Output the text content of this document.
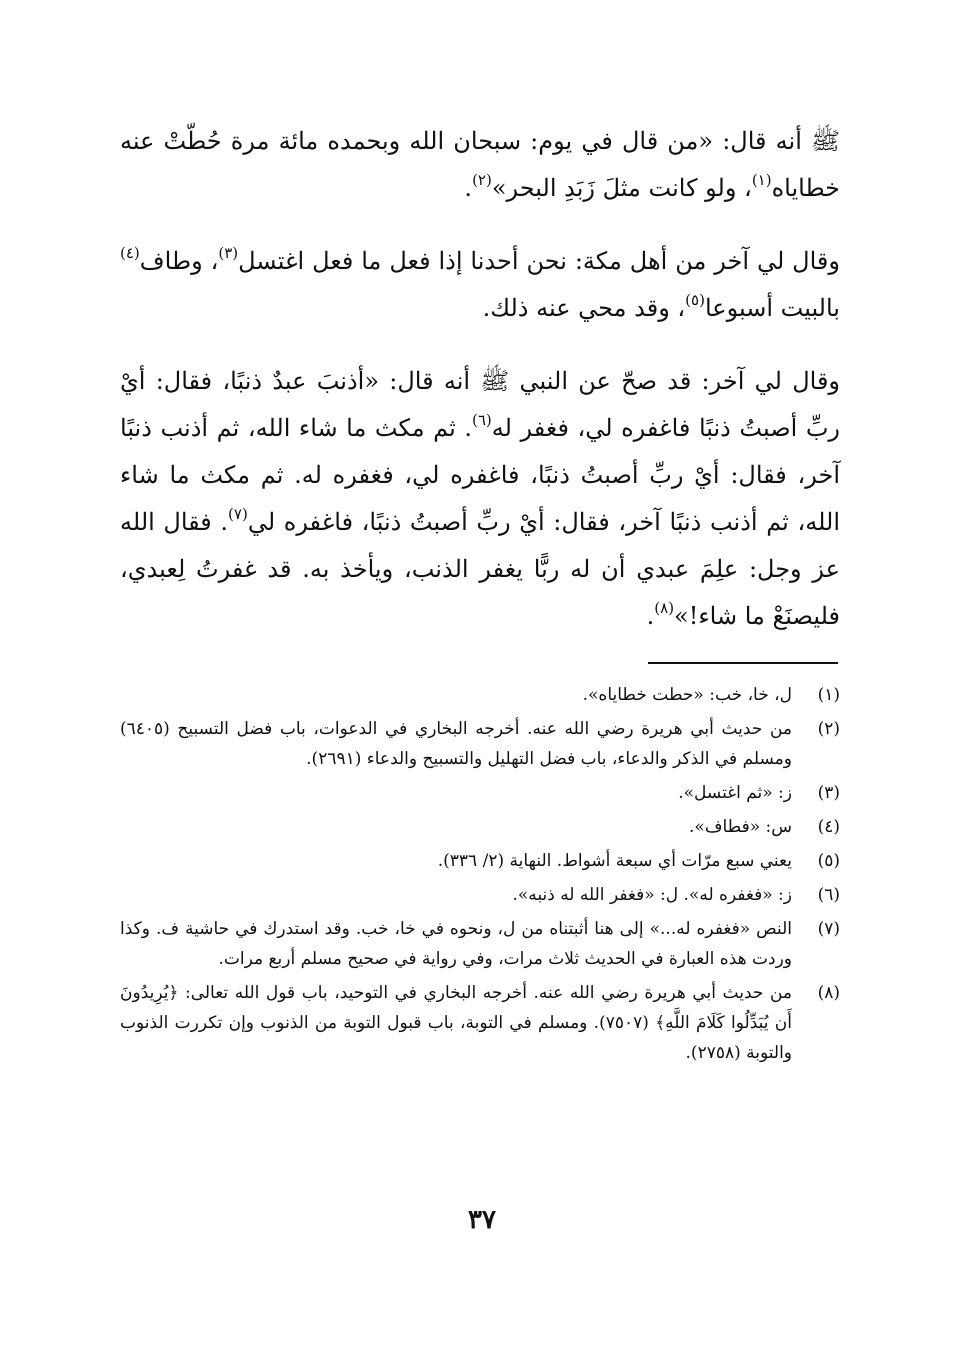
ﷺ أنه قال: «من قال في يوم: سبحان الله وبحمده مائة مرة حُطّتْ عنه خطاياه$^{(١)}$، ولو كانت مثلَ زَبَدِ البحر»$^{(٢)}$.

وقال لي آخر من أهل مكة: نحن أحدنا إذا فعل ما فعل اغتسل$^{(٣)}$، وطاف$^{(٤)}$ بالبيت أسبوعا$^{(٥)}$، وقد محي عنه ذلك.

وقال لي آخر: قد صحّ عن النبي ﷺ أنه قال: «أذنبَ عبدٌ ذنبًا، فقال: أيْ ربِّ أصبتُ ذنبًا فاغفره لي، فغفر له$^{(٦)}$. ثم مكث ما شاء الله، ثم أذنب ذنبًا آخر، فقال: أيْ ربِّ أصبتُ ذنبًا، فاغفره لي، فغفره له. ثم مكث ما شاء الله، ثم أذنب ذنبًا آخر، فقال: أيْ ربِّ أصبتُ ذنبًا، فاغفره لي$^{(٧)}$. فقال الله عز وجل: علِمَ عبدي أن له ربًّا يغفر الذنب، ويأخذ به. قد غفرتُ لِعبدي، فليصنَعْ ما شاء!»$^{(٨)}$.

(١)
ل، خا، خب: «حطت خطاياه».
(٢)
من حديث أبي هريرة رضي الله عنه. أخرجه البخاري في الدعوات، باب فضل التسبيح (٦٤٠٥) ومسلم في الذكر والدعاء، باب فضل التهليل والتسبيح والدعاء (٢٦٩١).
(٣)
ز: «ثم اغتسل».
(٤)
س: «فطاف».
(٥)
يعني سبع مرّات أي سبعة أشواط. النهاية (٢/ ٣٣٦).
(٦)
ز: «فغفره له». ل: «فغفر الله له ذنبه».
(٧)
النص «فغفره له...» إلى هنا أثبتناه من ل، ونحوه في خا، خب. وقد استدرك في حاشية ف. وكذا وردت هذه العبارة في الحديث ثلاث مرات، وفي رواية في صحيح مسلم أربع مرات.
(٨)
من حديث أبي هريرة رضي الله عنه. أخرجه البخاري في التوحيد، باب قول الله تعالى: ﴿يُرِيدُونَ أَن يُبَدِّلُوا كَلَامَ اللَّهِ﴾ (٧٥٠٧). ومسلم في التوبة، باب قبول التوبة من الذنوب وإن تكررت الذنوب والتوبة (٢٧٥٨).
٣٧
